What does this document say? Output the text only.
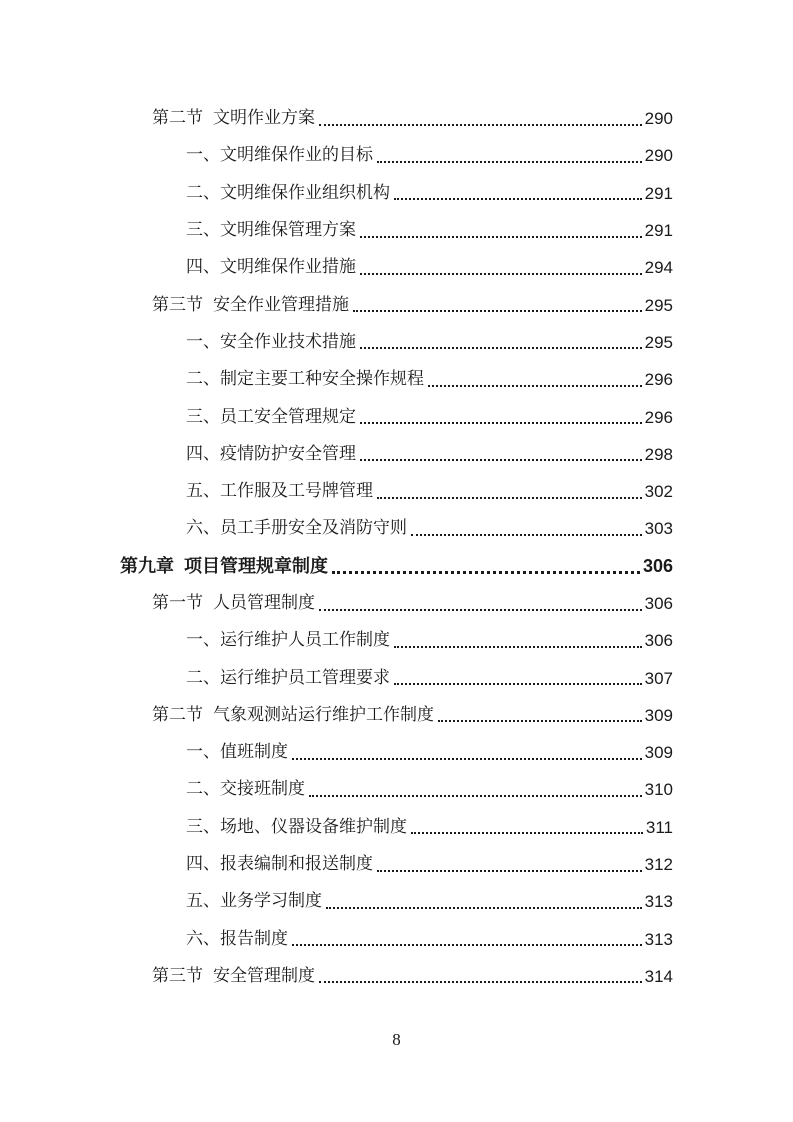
第二节 文明作业方案	290
一、文明维保作业的目标	290
二、文明维保作业组织机构	291
三、文明维保管理方案	291
四、文明维保作业措施	294
第三节 安全作业管理措施	295
一、安全作业技术措施	295
二、制定主要工种安全操作规程	296
三、员工安全管理规定	296
四、疫情防护安全管理	298
五、工作服及工号牌管理	302
六、员工手册安全及消防守则	303
第九章 项目管理规章制度	306
第一节 人员管理制度	306
一、运行维护人员工作制度	306
二、运行维护员工管理要求	307
第二节 气象观测站运行维护工作制度	309
一、值班制度	309
二、交接班制度	310
三、场地、仪器设备维护制度	311
四、报表编制和报送制度	312
五、业务学习制度	313
六、报告制度	313
第三节 安全管理制度	314
8
